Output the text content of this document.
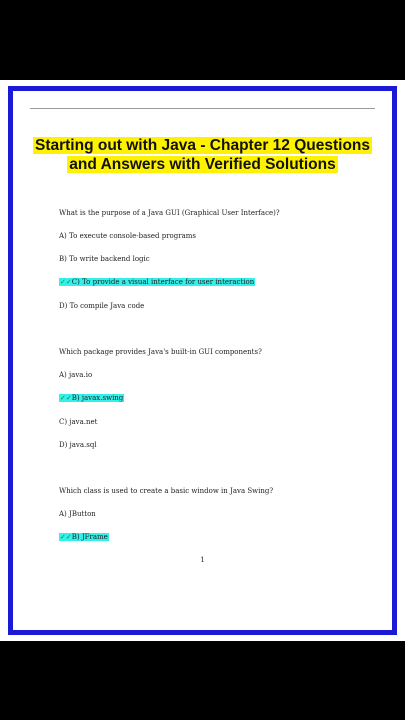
Starting out with Java - Chapter 12 Questions and Answers with Verified Solutions
What is the purpose of a Java GUI (Graphical User Interface)?
A) To execute console-based programs
B) To write backend logic
✓✓C) To provide a visual interface for user interaction
D) To compile Java code
Which package provides Java's built-in GUI components?
A) java.io
✓✓B) javax.swing
C) java.net
D) java.sql
Which class is used to create a basic window in Java Swing?
A) JButton
✓✓B) JFrame
1
